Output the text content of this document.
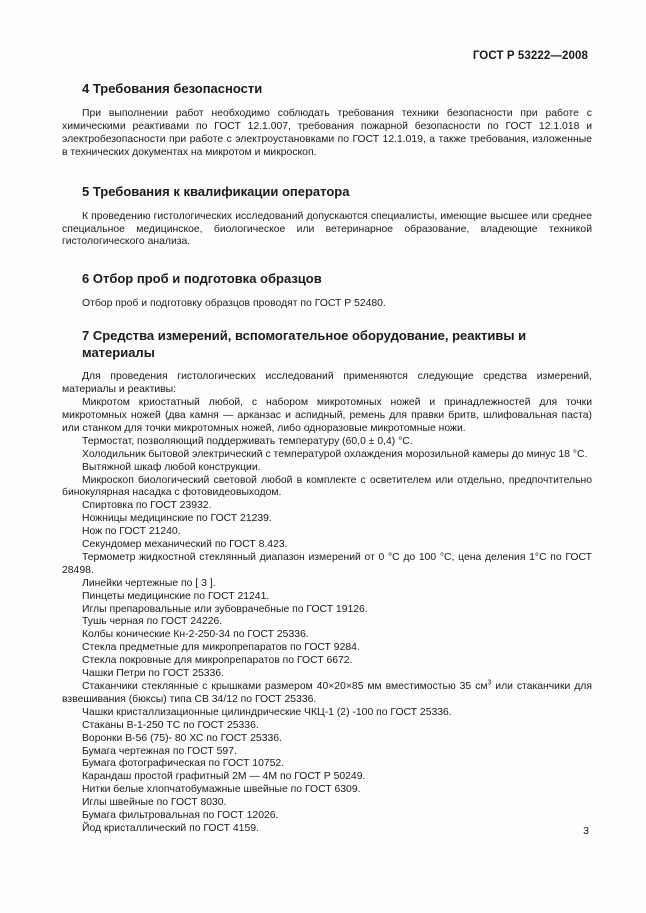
ГОСТ Р 53222—2008
4 Требования безопасности

При выполнении работ необходимо соблюдать требования техники безопасности при работе с химическими реактивами по ГОСТ 12.1.007, требования пожарной безопасности по ГОСТ 12.1.018 и электробезопасности при работе с электроустановками по ГОСТ 12.1.019, а также требования, изложенные в технических документах на микротом и микроскоп.

5 Требования к квалификации оператора

К проведению гистологических исследований допускаются специалисты, имеющие высшее или среднее специальное медицинское, биологическое или ветеринарное образование, владеющие техникой гистологического анализа.

6 Отбор проб и подготовка образцов

Отбор проб и подготовку образцов проводят по ГОСТ Р 52480.

7 Средства измерений, вспомогательное оборудование, реактивы и материалы

Для проведения гистологических исследований применяются следующие средства измерений, материалы и реактивы:

Микротом криостатный любой, с набором микротомных ножей и принадлежностей для точки микротомных ножей (два камня — арканзас и аспидный, ремень для правки бритв, шлифовальная паста) или станком для точки микротомных ножей, либо одноразовые микротомные ножи.

Термостат, позволяющий поддерживать температуру (60,0 ± 0,4) °С.

Холодильник бытовой электрический с температурой охлаждения морозильной камеры до минус 18 °С.

Вытяжной шкаф любой конструкции.

Микроскоп биологический световой любой в комплекте с осветителем или отдельно, предпочтительно бинокулярная насадка с фотовидеовыходом.

Спиртовка по ГОСТ 23932.

Ножницы медицинские по ГОСТ 21239.

Нож по ГОСТ 21240.

Секундомер механический по ГОСТ 8.423.

Термометр жидкостной стеклянный диапазон измерений от 0 °С до 100 °С, цена деления 1°С по ГОСТ 28498.

Линейки чертежные по [ 3 ].

Пинцеты медицинские по ГОСТ 21241.

Иглы препаровальные или зубоврачебные по ГОСТ 19126.

Тушь черная по ГОСТ 24226.

Колбы конические Кн-2-250-34 по ГОСТ 25336.

Стекла предметные для микропрепаратов по ГОСТ 9284.

Стекла покровные для микропрепаратов по ГОСТ 6672.

Чашки Петри по ГОСТ 25336.

Стаканчики стеклянные с крышками размером 40×20×85 мм вместимостью 35 $см^3$ или стаканчики для взвешивания (бюксы) типа СВ 34/12 по ГОСТ 25336.

Чашки кристаллизационные цилиндрические ЧКЦ-1 (2) -100 по ГОСТ 25336.

Стаканы В-1-250 ТС по ГОСТ 25336.

Воронки В-56 (75)- 80 ХС по ГОСТ 25336.

Бумага чертежная по ГОСТ 597.

Бумага фотографическая по ГОСТ 10752.

Карандаш простой графитный 2М — 4М по ГОСТ Р 50249.

Нитки белые хлопчатобумажные швейные по ГОСТ 6309.

Иглы швейные по ГОСТ 8030.

Бумага фильтровальная по ГОСТ 12026.

Йод кристаллический по ГОСТ 4159.	3
